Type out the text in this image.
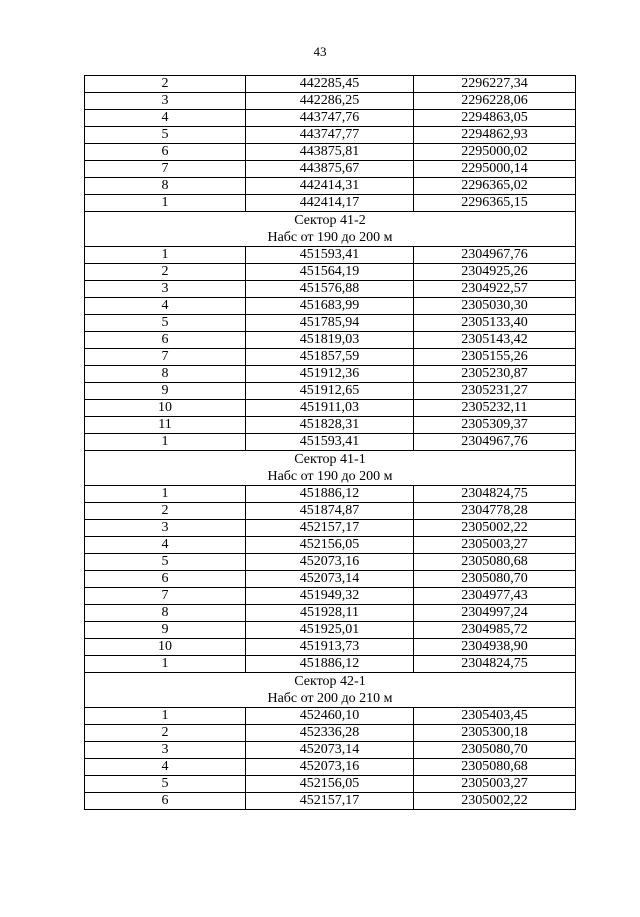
43
2	442285,45	2296227,34
3	442286,25	2296228,06
4	443747,76	2294863,05
5	443747,77	2294862,93
6	443875,81	2295000,02
7	443875,67	2295000,14
8	442414,31	2296365,02
1	442414,17	2296365,15

Сектор 41-2
Набс от 190 до 200 м		

1	451593,41	2304967,76
2	451564,19	2304925,26
3	451576,88	2304922,57
4	451683,99	2305030,30
5	451785,94	2305133,40
6	451819,03	2305143,42
7	451857,59	2305155,26
8	451912,36	2305230,87
9	451912,65	2305231,27
10	451911,03	2305232,11
11	451828,31	2305309,37
1	451593,41	2304967,76

Сектор 41-1
Набс от 190 до 200 м		

1	451886,12	2304824,75
2	451874,87	2304778,28
3	452157,17	2305002,22
4	452156,05	2305003,27
5	452073,16	2305080,68
6	452073,14	2305080,70
7	451949,32	2304977,43
8	451928,11	2304997,24
9	451925,01	2304985,72
10	451913,73	2304938,90
1	451886,12	2304824,75

Сектор 42-1
Набс от 200 до 210 м		

1	452460,10	2305403,45
2	452336,28	2305300,18
3	452073,14	2305080,70
4	452073,16	2305080,68
5	452156,05	2305003,27
6	452157,17	2305002,22
